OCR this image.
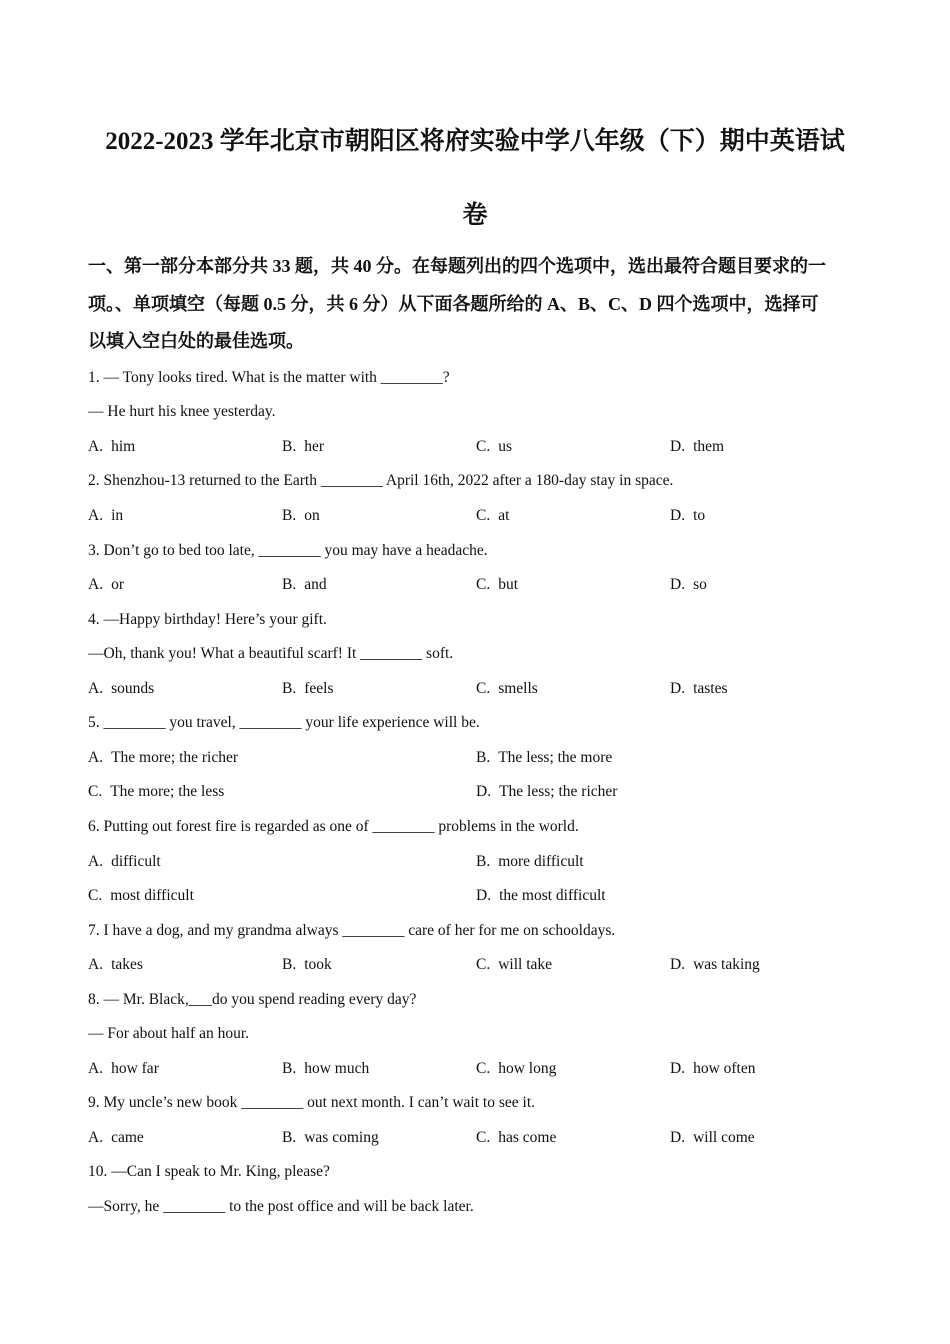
2022-2023 学年北京市朝阳区将府实验中学八年级（下）期中英语试
卷
一、第一部分本部分共 33 题，共 40 分。在每题列出的四个选项中，选出最符合题目要求的一
项。、单项填空（每题 0.5 分，共 6 分）从下面各题所给的 A、B、C、D 四个选项中，选择可
以填入空白处的最佳选项。
1. — Tony looks tired. What is the matter with ________?
— He hurt his knee yesterday.
A. him	B. her	C. us	D. them
2. Shenzhou-13 returned to the Earth ________ April 16th, 2022 after a 180-day stay in space.
A. in	B. on	C. at	D. to
3. Don’t go to bed too late, ________ you may have a headache.
A. or	B. and	C. but	D. so
4. —Happy birthday! Here’s your gift.
—Oh, thank you! What a beautiful scarf! It ________ soft.
A. sounds	B. feels	C. smells	D. tastes
5. ________ you travel, ________ your life experience will be.
A. The more; the richer	B. The less; the more
C. The more; the less	D. The less; the richer
6. Putting out forest fire is regarded as one of ________ problems in the world.
A. difficult	B. more difficult
C. most difficult	D. the most difficult
7. I have a dog, and my grandma always ________ care of her for me on schooldays.
A. takes	B. took	C. will take	D. was taking
8. — Mr. Black,___do you spend reading every day?
— For about half an hour.
A. how far	B. how much	C. how long	D. how often
9. My uncle’s new book ________ out next month. I can’t wait to see it.
A. came	B. was coming	C. has come	D. will come
10. —Can I speak to Mr. King, please?
—Sorry, he ________ to the post office and will be back later.
